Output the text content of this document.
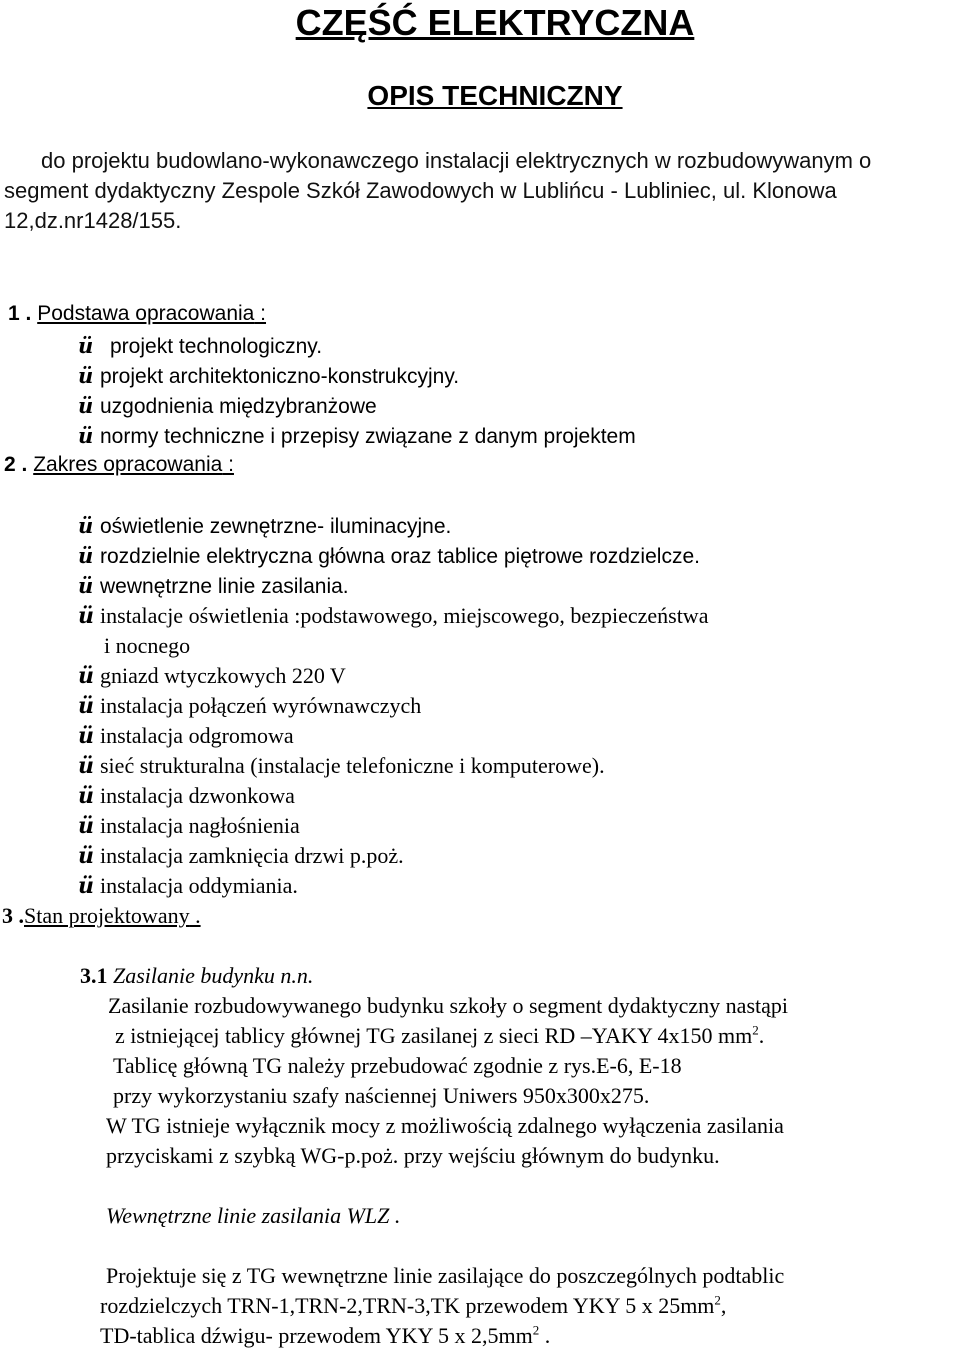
CZĘŚĆ ELEKTRYCZNA
OPIS TECHNICZNY

do projektu budowlano-wykonawczego instalacji elektrycznych w rozbudowywanym o segment dydaktyczny Zespole Szkół Zawodowych w Lublińcu - Lubliniec, ul. Klonowa 12,dz.nr1428/155.

1 . Podstawa opracowania :
ü projekt technologiczny.
ü projekt architektoniczno-konstrukcyjny.
ü uzgodnienia międzybranżowe
ü normy techniczne i przepisy związane z danym projektem
2 . Zakres opracowania :
ü oświetlenie zewnętrzne- iluminacyjne.
ü rozdzielnie elektryczna główna oraz tablice piętrowe rozdzielcze.
ü wewnętrzne linie zasilania.
ü instalacje oświetlenia :podstawowego, miejscowego, bezpieczeństwa
i nocnego
ü gniazd wtyczkowych 220 V
ü instalacja połączeń wyrównawczych
ü instalacja odgromowa
ü sieć strukturalna (instalacje telefoniczne i komputerowe).
ü instalacja dzwonkowa
ü instalacja nagłośnienia
ü instalacja zamknięcia drzwi p.poż.
ü instalacja oddymiania.
3 .Stan projektowany .
3.1 Zasilanie budynku n.n.
Zasilanie rozbudowywanego budynku szkoły o segment dydaktyczny nastąpi
z istniejącej tablicy głównej TG zasilanej z sieci RD –YAKY 4x150 $mm^2$.
Tablicę główną TG należy przebudować zgodnie z rys.E-6, E-18
przy wykorzystaniu szafy naściennej Uniwers 950x300x275.
W TG istnieje wyłącznik mocy z możliwością zdalnego wyłączenia zasilania
przyciskami z szybką WG-p.poż. przy wejściu głównym do budynku.
Wewnętrzne linie zasilania WLZ .
Projektuje się z TG wewnętrzne linie zasilające do poszczególnych podtablic
rozdzielczych TRN-1,TRN-2,TRN-3,TK przewodem YKY 5 x $25mm^2$,
TD-tablica dźwigu- przewodem YKY 5 x $2,5mm^2$ .
